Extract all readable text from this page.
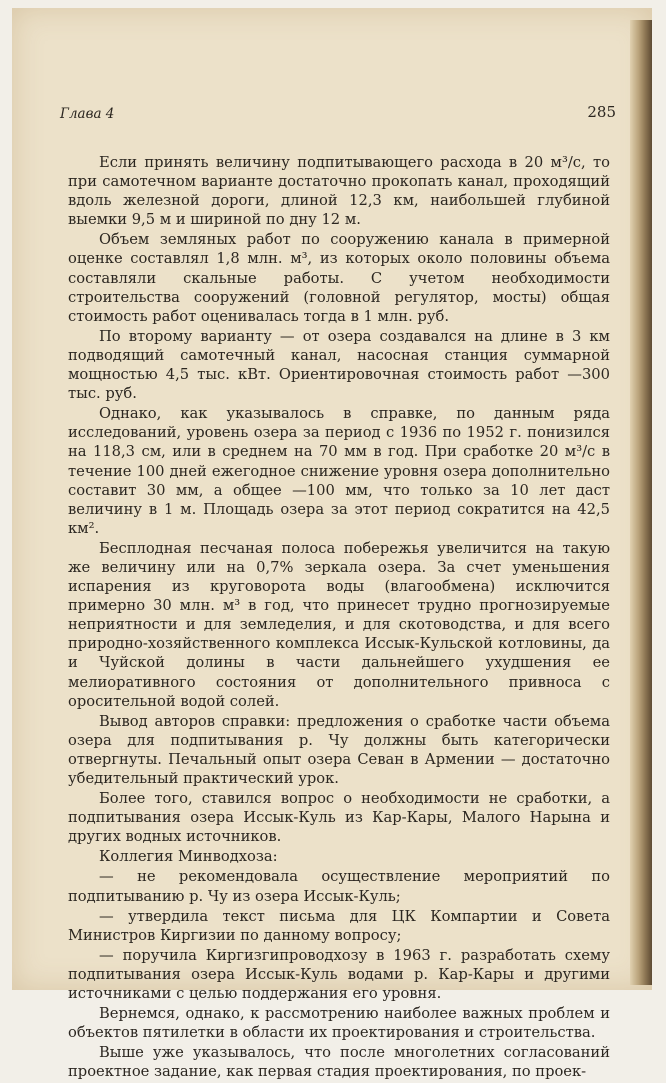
Глава 4	285

Если принять величину подпитывающего расхода в 20 м³/с, то при самотечном варианте достаточно прокопать канал, проходящий вдоль железной дороги, длиной 12,3 км, наибольшей глубиной выемки 9,5 м и шириной по дну 12 м.

Объем земляных работ по сооружению канала в примерной оценке составлял 1,8 млн. м³, из которых около половины объема составляли скальные работы. С учетом необходимости строительства сооружений (головной регулятор, мосты) общая стоимость работ оценивалась тогда в 1 млн. руб.

По второму варианту — от озера создавался на длине в 3 км подводящий самотечный канал, насосная станция суммарной мощностью 4,5 тыс. кВт. Ориентировочная стоимость работ —300 тыс. руб.

Однако, как указывалось в справке, по данным ряда исследований, уровень озера за период с 1936 по 1952 г. понизился на 118,3 см, или в среднем на 70 мм в год. При сработке 20 м³/с в течение 100 дней ежегодное снижение уровня озера дополнительно составит 30 мм, а общее —100 мм, что только за 10 лет даст величину в 1 м. Площадь озера за этот период сократится на 42,5 км².

Бесплодная песчаная полоса побережья увеличится на такую же величину или на 0,7% зеркала озера. За счет уменьшения испарения из круговорота воды (влагообмена) исключится примерно 30 млн. м³ в год, что принесет трудно прогнозируемые неприятности и для земледелия, и для скотоводства, и для всего природно-хозяйственного комплекса Иссык-Кульской котловины, да и Чуйской долины в части дальнейшего ухудшения ее мелиоративного состояния от дополнительного привноса с оросительной водой солей.

Вывод авторов справки: предложения о сработке части объема озера для подпитывания р. Чу должны быть категорически отвергнуты. Печальный опыт озера Севан в Армении — достаточно убедительный практический урок.

Более того, ставился вопрос о необходимости не сработки, а подпитывания озера Иссык-Куль из Кар-Кары, Малого Нарына и других водных источников.

Коллегия Минводхоза:

— не рекомендовала осуществление мероприятий по подпитыванию р. Чу из озера Иссык-Куль;

— утвердила текст письма для ЦК Компартии и Совета Министров Киргизии по данному вопросу;

— поручила Киргизгипроводхозу в 1963 г. разработать схему подпитывания озера Иссык-Куль водами р. Кар-Кары и другими источниками с целью поддержания его уровня.

Вернемся, однако, к рассмотрению наиболее важных проблем и объектов пятилетки в области их проектирования и строительства.

Выше уже указывалось, что после многолетних согласований проектное задание, как первая стадия проектирования, по проек-
